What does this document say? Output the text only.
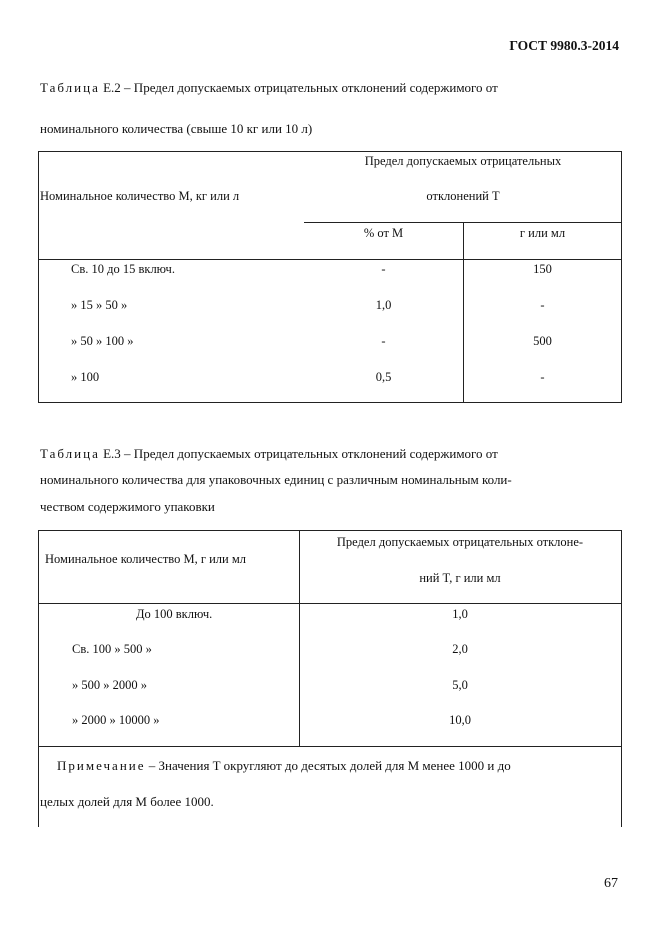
ГОСТ 9980.3-2014
Таблица Е.2 – Предел допускаемых отрицательных отклонений содержимого от
номинального количества (свыше 10 кг или 10 л)
Номинальное количество M, кг или л
Предел допускаемых отрицательных
отклонений T
% от M	г или мл
Св. 10 до 15 включ.	-	150
» 15 » 50 »	1,0	-
» 50 » 100 »	-	500
» 100	0,5	-
Таблица Е.3 – Предел допускаемых отрицательных отклонений содержимого от
номинального количества для упаковочных единиц с различным номинальным коли-
чеством содержимого упаковки
Номинальное количество M, г или мл
Предел допускаемых отрицательных отклоне-
ний T, г или мл
До 100 включ.	1,0
Св. 100 » 500 »	2,0
» 500 » 2000 »	5,0
» 2000 » 10000 »	10,0
Примечание – Значения T округляют до десятых долей для M менее 1000 и до
целых долей для M более 1000.
67
